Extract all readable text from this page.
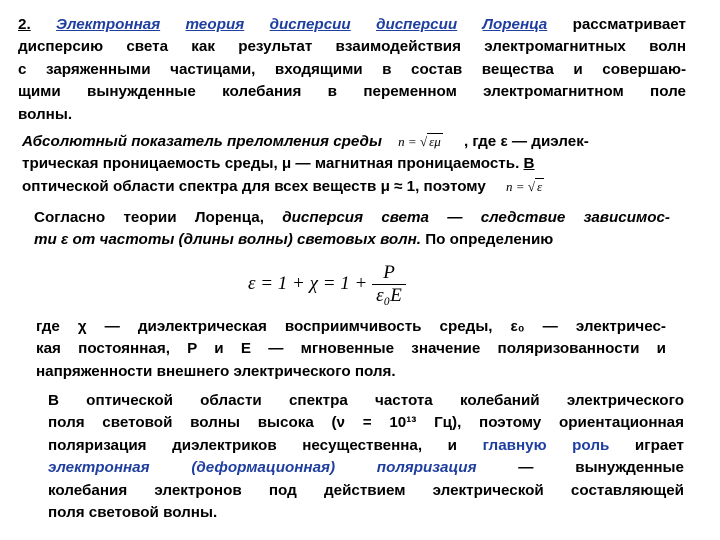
2. Электронная теория дисперсии дисперсии Лоренца рассматривает
дисперсию света как результат взаимодействия электромагнитных волн
с заряженными частицами, входящими в состав вещества и совершаю-
щими вынужденные колебания в переменном электромагнитном поле
волны.
Абсолютный показатель преломления среды n = √ εμ , где ε — диэлек-
трическая проницаемость среды, μ — магнитная проницаемость. В
оптической области спектра для всех веществ μ ≈ 1, поэтому n = √ ε
Согласно теории Лоренца, дисперсия света — следствие зависимос-
ти ε от частоты (длины волны) световых волн. По определению
$\varepsilon = 1 + \chi = 1 + \frac{P}{\text{ε₀E}}$
где χ — диэлектрическая восприимчивость среды, ε₀ — электричес-
кая постоянная, P и E — мгновенные значение поляризованности и
напряженности внешнего электрического поля.
В оптической области спектра частота колебаний электрического
поля световой волны высока (ν = 10¹³ Гц), поэтому ориентационная
поляризация диэлектриков несущественна, и главную роль играет
электронная (деформационная) поляризация	— вынужденные
колебания электронов под действием электрической составляющей
поля световой волны.
